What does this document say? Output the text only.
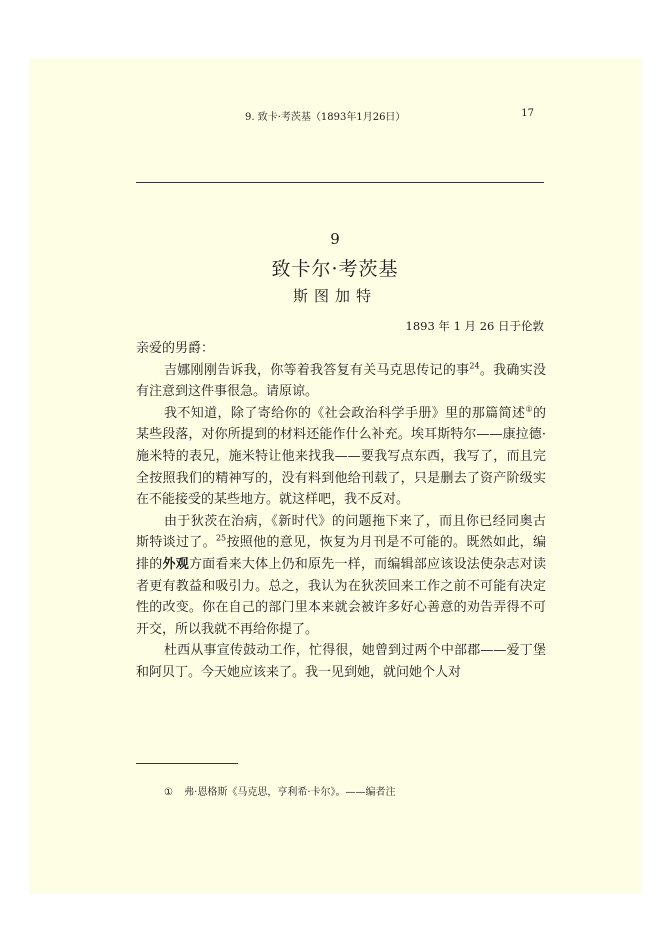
9. 致卡·考茨基（1893年1月26日）	17
9
致卡尔·考茨基
斯图加特
1893 年 1 月 26 日于伦敦

亲爱的男爵：

吉娜刚刚告诉我，你等着我答复有关马克思传记的事$^{24}$。我确实没有注意到这件事很急。请原谅。

我不知道，除了寄给你的《社会政治科学手册》里的那篇简述①的某些段落，对你所提到的材料还能作什么补充。埃耳斯特尔——康拉德·施米特的表兄，施米特让他来找我——要我写点东西，我写了，而且完全按照我们的精神写的，没有料到他给刊载了，只是删去了资产阶级实在不能接受的某些地方。就这样吧，我不反对。

由于狄茨在治病，《新时代》的问题拖下来了，而且你已经同奥古斯特谈过了。$^{25}$按照他的意见，恢复为月刊是不可能的。既然如此，编排的外观方面看来大体上仍和原先一样，而编辑部应该设法使杂志对读者更有教益和吸引力。总之，我认为在狄茨回来工作之前不可能有决定性的改变。你在自己的部门里本来就会被许多好心善意的劝告弄得不可开交，所以我就不再给你提了。

杜西从事宣传鼓动工作，忙得很，她曾到过两个中部郡——爱丁堡和阿贝丁。今天她应该来了。我一见到她，就问她个人对

① 弗·恩格斯《马克思，亨利希·卡尔》。——编者注
